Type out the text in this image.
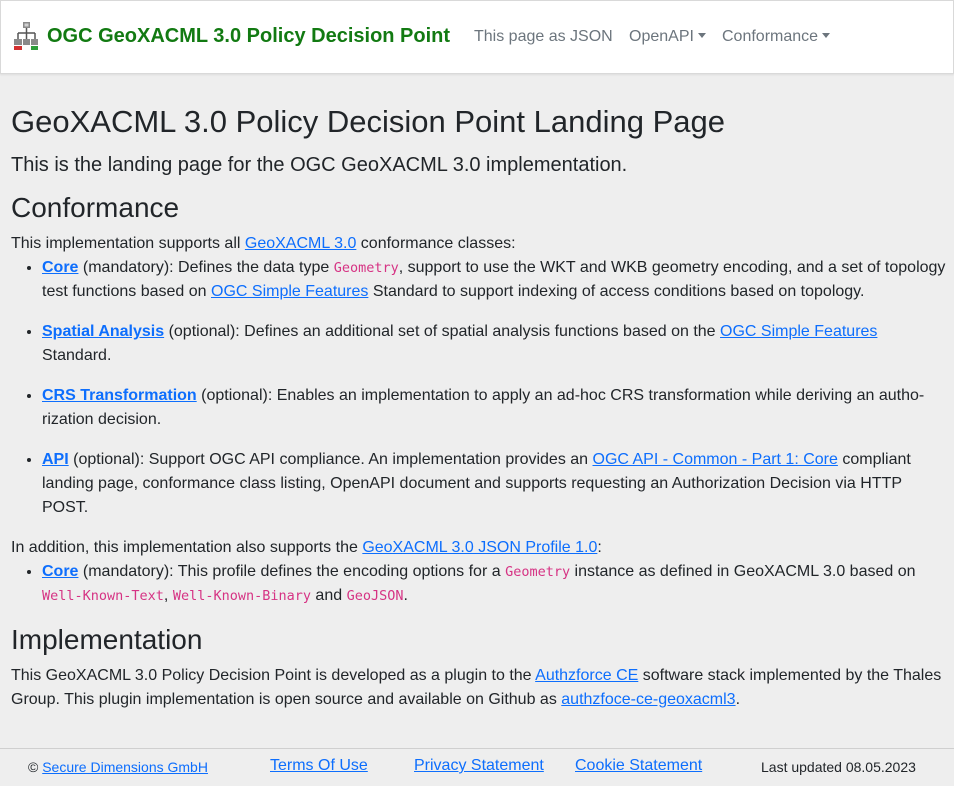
OGC GeoXACML 3.0 Policy Decision Point This page as JSON OpenAPI	Conformance
GeoXACML 3.0 Policy Decision Point Landing Page

This is the landing page for the OGC GeoXACML 3.0 implementation.

Conformance

This implementation supports all GeoXACML 3.0 conformance classes:

• Core (mandatory): Defines the data type Geometry, support to use the WKT and WKB geometry encoding, and a set of topology test functions based on OGC Simple Features Standard to support indexing of access conditions based on topology.
• Spatial Analysis (optional): Defines an additional set of spatial analysis functions based on the OGC Simple Features Standard.
• CRS Transformation (optional): Enables an implementation to apply an ad-hoc CRS transformation while deriving an authorization decision.
• API (optional): Support OGC API compliance. An implementation provides an OGC API - Common - Part 1: Core compliant landing page, conformance class listing, OpenAPI document and supports requesting an Authorization Decision via HTTP POST.

In addition, this implementation also supports the GeoXACML 3.0 JSON Profile 1.0:

• Core (mandatory): This profile defines the encoding options for a Geometry instance as defined in GeoXACML 3.0 based on Well-Known-Text, Well-Known-Binary and GeoJSON.
Implementation

This GeoXACML 3.0 Policy Decision Point is developed as a plugin to the Authzforce CE software stack implemented by the Thales Group. This plugin implementation is open source and available on Github as authzfoce-ce-geoxacml3.

© Secure Dimensions GmbH	Terms Of Use	Privacy Statement Cookie Statement	Last updated 08.05.2023
